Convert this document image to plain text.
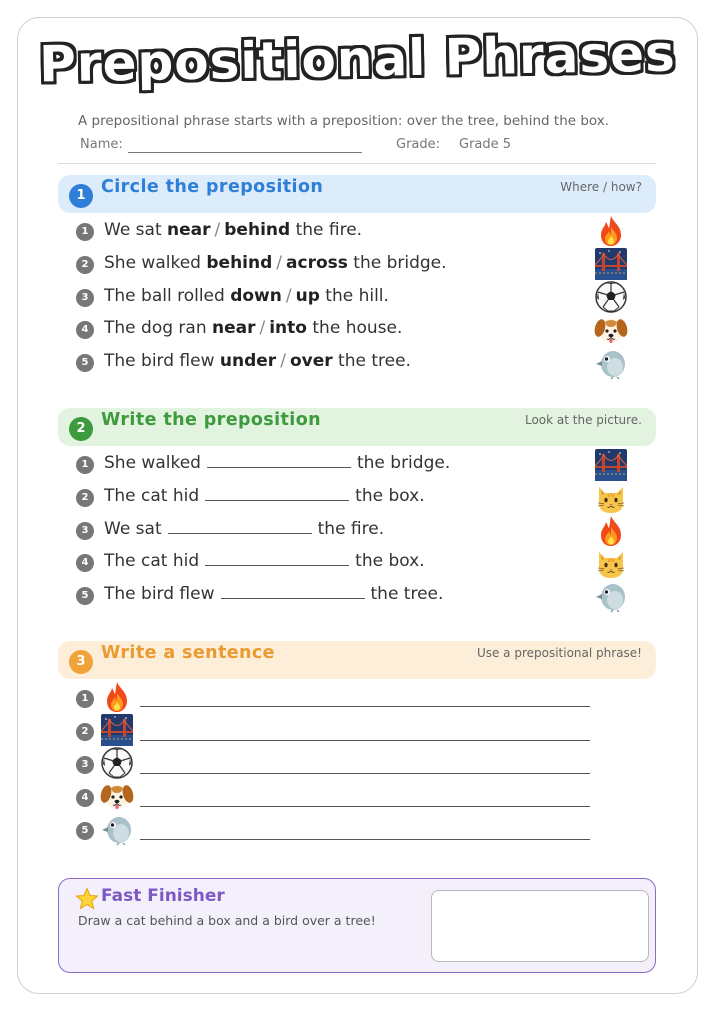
Prepositional Phrases
A prepositional phrase starts with a preposition: over the tree, behind the box.
Name:	Grade: Grade 5
1 Circle the preposition	Where / how?
1 We sat near / behind the fire.
2 She walked behind / across the bridge.
3 The ball rolled down / up the hill.
4 The dog ran near / into the house.
5 The bird flew under / over the tree.
2 Write the preposition	Look at the picture.
1 She walked	the bridge.
2 The cat hid	the box.
3 We sat	the fire.
4 The cat hid	the box.
5 The bird flew	the tree.
3 Write a sentence	Use a prepositional phrase!
1
2
3
4
5
Fast Finisher
Draw a cat behind a box and a bird over a tree!
